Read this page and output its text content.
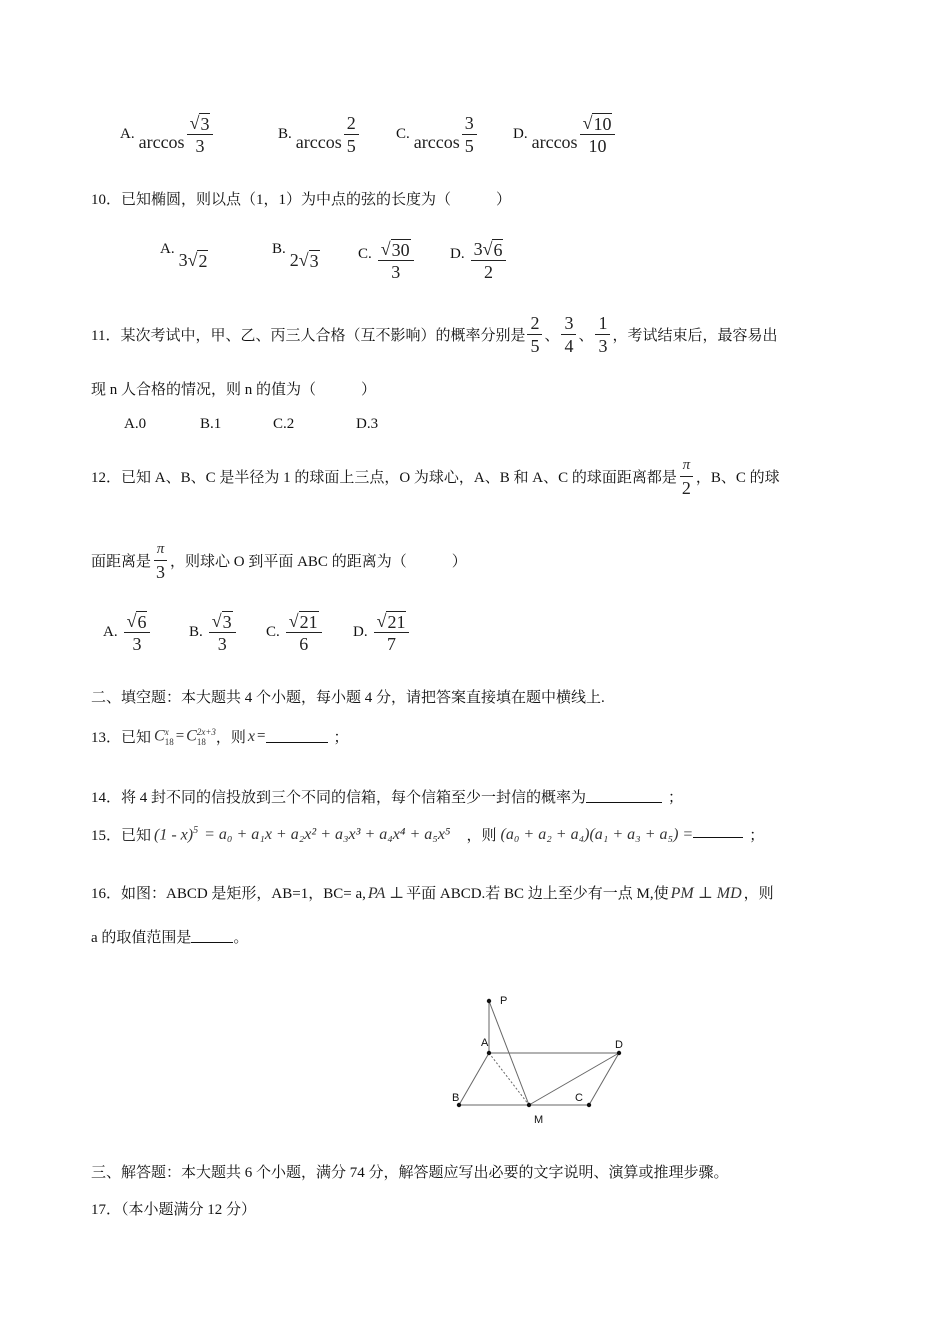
A. $\arccos \frac{√ 3}{3}$	B. $\arccos \frac{2}{5} C$. $\arccos \frac{3}{5} D$. $\arccos \frac{√ 10}{10}$
10．已知椭圆，则以点（1，1）为中点的弦的长度为（　　　）
A.
3 √ 2
B.
2 √ 3	C. $\frac{√ 30}{3} D$. $\frac{3 √ 6}{2}$
11．某次考试中，甲、乙、丙三人合格（互不影响）的概率分别是 $\frac{2}{5}$ 、 $\frac{3}{4}$ 、 $\frac{1}{3}$ ，考试结束后，最容易出
现 n 人合格的情况，则 n 的值为（　　　）
A.0	B.1	C.2	D.3
12．已知 A、B、C 是半径为 1 的球面上三点，O 为球心，A、B 和 A、C 的球面距离都是 $\frac{\pi}{2}$ ，B、C 的球
面距离是 $\frac{\pi}{3}$ ，则球心 O 到平面 ABC 的距离为（　　　）
A. $\frac{√ 6}{3}$	B. $\frac{√ 3}{3} C$. $\frac{√ 21}{6} D$. $\frac{√ 21}{7}$
二、填空题：本大题共 4 个小题，每小题 4 分，请把答案直接填在题中横线上.
13．已知 C x
18 = C 2x+3
18 ，则 x =	；
14．将 4 封不同的信投放到三个不同的信箱，每个信箱至少一封信的概率为	；
15．已知 (1 - x)$^5$ = a₀ + a₁x + a₂x² + a₃x³ + a₄x⁴ + a₅x⁵ ，则 (a₀ + a₂ + a₄)(a₁ + a₃ + a₅) =	；
16．如图：ABCD 是矩形，AB=1，BC= a, PA ⊥ 平面 ABCD.若 BC 边上至少有一点 M,使 PM ⊥ MD ，则
a 的取值范围是	。
P
A	D
B	C
M
三、解答题：本大题共 6 个小题，满分 74 分，解答题应写出必要的文字说明、演算或推理步骤。
17．（本小题满分 12 分）
